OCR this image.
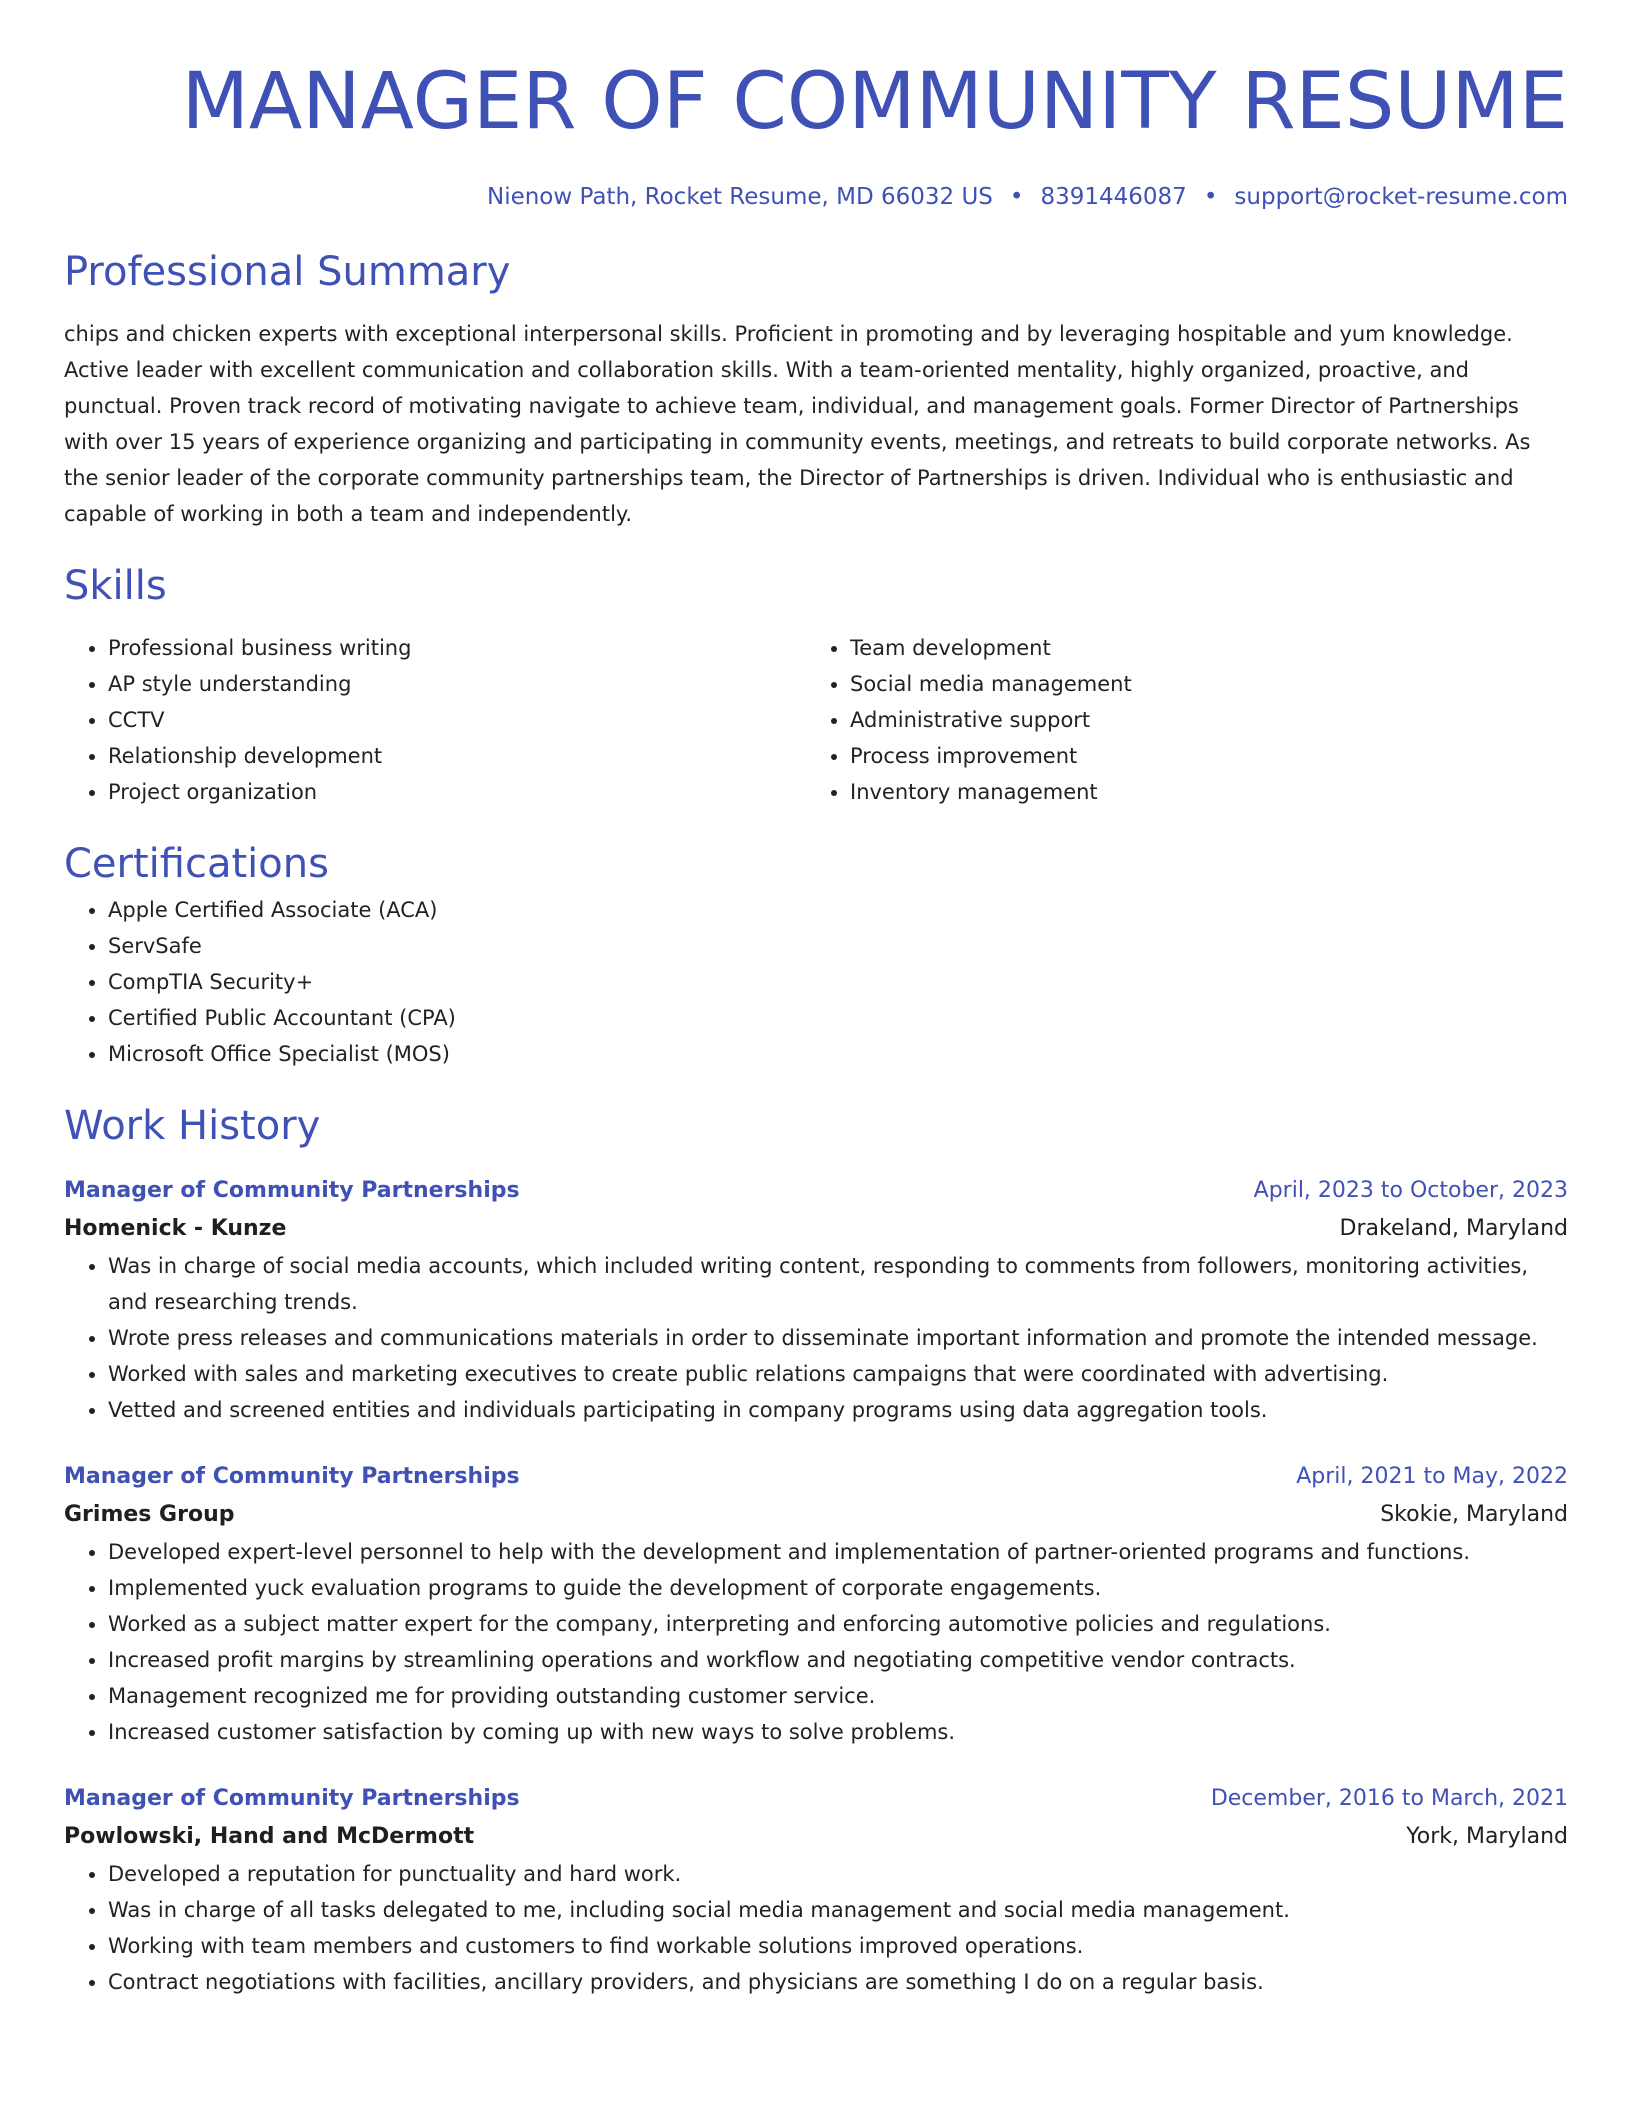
MANAGER OF COMMUNITY RESUME
Nienow Path, Rocket Resume, MD 66032 US • 8391446087 • support@rocket-resume.com
Professional Summary
chips and chicken experts with exceptional interpersonal skills. Proficient in promoting and by leveraging hospitable and yum knowledge. Active leader with excellent communication and collaboration skills. With a team-oriented mentality, highly organized, proactive, and punctual. Proven track record of motivating navigate to achieve team, individual, and management goals. Former Director of Partnerships with over 15 years of experience organizing and participating in community events, meetings, and retreats to build corporate networks. As the senior leader of the corporate community partnerships team, the Director of Partnerships is driven. Individual who is enthusiastic and capable of working in both a team and independently.
Skills
• Professional business writing
• AP style understanding
• CCTV
• Relationship development
• Project organization
• Team development
• Social media management
• Administrative support
• Process improvement
• Inventory management
Certifications
• Apple Certified Associate (ACA)
• ServSafe
• CompTIA Security+
• Certified Public Accountant (CPA)
• Microsoft Office Specialist (MOS)
Work History
Manager of Community Partnerships	April, 2023 to October, 2023
Homenick - Kunze	Drakeland, Maryland
• Was in charge of social media accounts, which included writing content, responding to comments from followers, monitoring activities, and researching trends.
• Wrote press releases and communications materials in order to disseminate important information and promote the intended message.
• Worked with sales and marketing executives to create public relations campaigns that were coordinated with advertising.
• Vetted and screened entities and individuals participating in company programs using data aggregation tools.
Manager of Community Partnerships	April, 2021 to May, 2022
Grimes Group	Skokie, Maryland
• Developed expert-level personnel to help with the development and implementation of partner-oriented programs and functions.
• Implemented yuck evaluation programs to guide the development of corporate engagements.
• Worked as a subject matter expert for the company, interpreting and enforcing automotive policies and regulations.
• Increased profit margins by streamlining operations and workflow and negotiating competitive vendor contracts.
• Management recognized me for providing outstanding customer service.
• Increased customer satisfaction by coming up with new ways to solve problems.
Manager of Community Partnerships	December, 2016 to March, 2021
Powlowski, Hand and McDermott	York, Maryland
• Developed a reputation for punctuality and hard work.
• Was in charge of all tasks delegated to me, including social media management and social media management.
• Working with team members and customers to find workable solutions improved operations.
• Contract negotiations with facilities, ancillary providers, and physicians are something I do on a regular basis.
